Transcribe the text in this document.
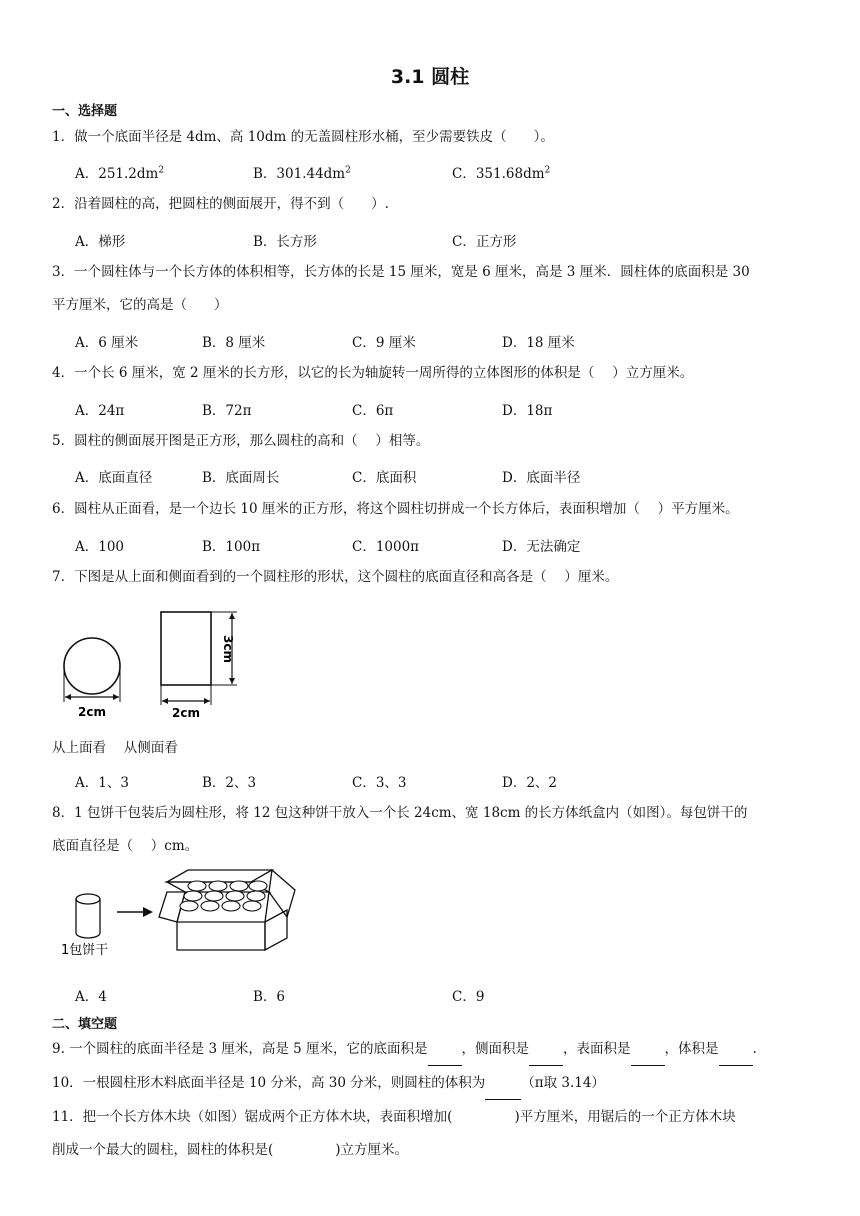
3.1 圆柱
一、选择题
1．做一个底面半径是 4dm、高 10dm 的无盖圆柱形水桶，至少需要铁皮（　　）。
A．$251.2dm^2$	B．$301.44dm^2$	C．$351.68dm^2$
2．沿着圆柱的高，把圆柱的侧面展开，得不到（　　）.
A．梯形	B．长方形	C．正方形
3．一个圆柱体与一个长方体的体积相等，长方体的长是 15 厘米，宽是 6 厘米，高是 3 厘米．圆柱体的底面积是 30
平方厘米，它的高是（　　）
A．6 厘米	B．8 厘米	C．9 厘米	D．18 厘米
4．一个长 6 厘米，宽 2 厘米的长方形，以它的长为轴旋转一周所得的立体图形的体积是（　 ）立方厘米。
A．24π	B．72π	C．6π	D．18π
5．圆柱的侧面展开图是正方形，那么圆柱的高和（　 ）相等。
A．底面直径	B．底面周长	C．底面积	D．底面半径
6．圆柱从正面看，是一个边长 10 厘米的正方形，将这个圆柱切拼成一个长方体后，表面积增加（　 ）平方厘米。
A．100	B．100π	C．1000π	D．无法确定
7．下图是从上面和侧面看到的一个圆柱形的形状，这个圆柱的底面直径和高各是（　 ）厘米。
2cm	2cm
3cm
从上面看　 从侧面看
A．1、3	B．2、3	C．3、3	D．2、2
8．1 包饼干包装后为圆柱形，将 12 包这种饼干放入一个长 24cm、宽 18cm 的长方体纸盒内（如图）。每包饼干的
底面直径是（　 ）cm。
1包饼干
A．4	B．6	C．9
二、填空题
9. 一个圆柱的底面半径是 3 厘米，高是 5 厘米，它的底面积是	，侧面积是	，表面积是	，体积是	.
10．一根圆柱形木料底面半径是 10 分米，高 30 分米，则圆柱的体积为	（π取 3.14）
11．把一个长方体木块（如图）锯成两个正方体木块，表面积增加(	)平方厘米，用锯后的一个正方体木块
削成一个最大的圆柱，圆柱的体积是(	)立方厘米。
